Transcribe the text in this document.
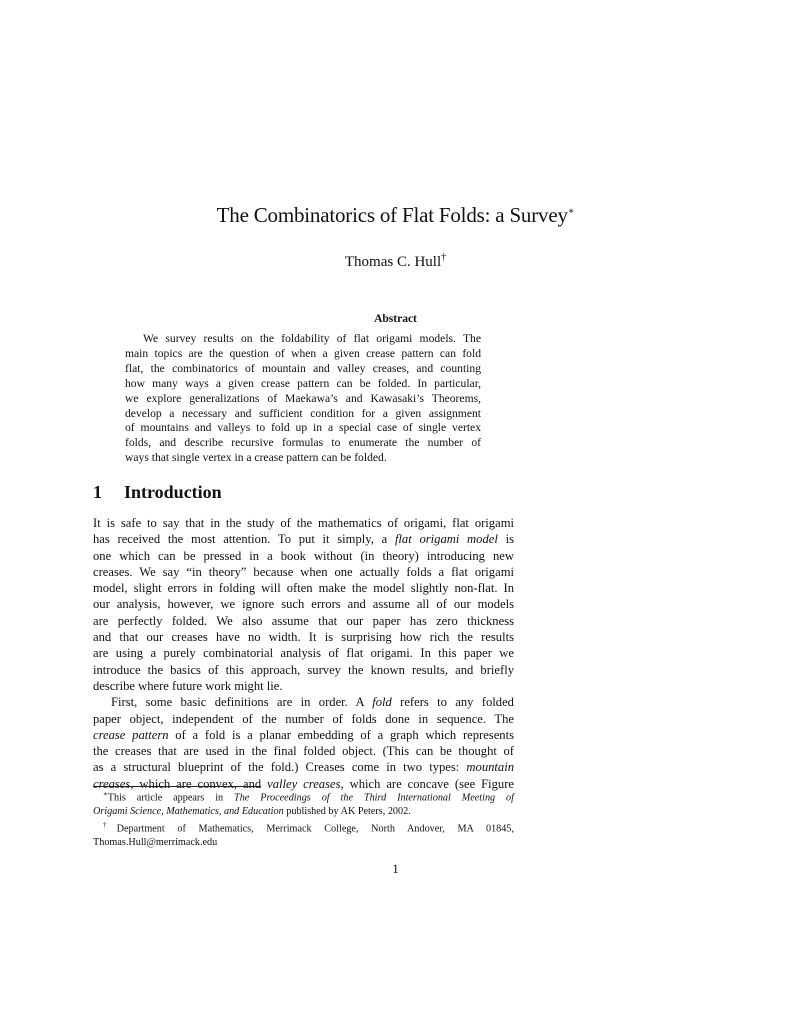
The Combinatorics of Flat Folds: a Survey∗
Thomas C. Hull†
Abstract
We survey results on the foldability of flat origami models. The
main topics are the question of when a given crease pattern can fold
flat, the combinatorics of mountain and valley creases, and counting
how many ways a given crease pattern can be folded. In particular,
we explore generalizations of Maekawa’s and Kawasaki’s Theorems,
develop a necessary and sufficient condition for a given assignment
of mountains and valleys to fold up in a special case of single vertex
folds, and describe recursive formulas to enumerate the number of
ways that single vertex in a crease pattern can be folded.
1 Introduction
It is safe to say that in the study of the mathematics of origami, flat origami
has received the most attention. To put it simply, a flat origami model is
one which can be pressed in a book without (in theory) introducing new
creases. We say “in theory” because when one actually folds a flat origami
model, slight errors in folding will often make the model slightly non-flat. In
our analysis, however, we ignore such errors and assume all of our models
are perfectly folded. We also assume that our paper has zero thickness
and that our creases have no width. It is surprising how rich the results
are using a purely combinatorial analysis of flat origami. In this paper we
introduce the basics of this approach, survey the known results, and briefly
describe where future work might lie.
First, some basic definitions are in order. A fold refers to any folded
paper object, independent of the number of folds done in sequence. The
crease pattern of a fold is a planar embedding of a graph which represents
the creases that are used in the final folded object. (This can be thought of
as a structural blueprint of the fold.) Creases come in two types: mountain
creases, which are convex, and valley creases, which are concave (see Figure
∗This article appears in The Proceedings of the Third International Meeting of
Origami Science, Mathematics, and Education published by AK Peters, 2002.
†Department of Mathematics, Merrimack College, North Andover, MA 01845,
Thomas.Hull@merrimack.edu
1
